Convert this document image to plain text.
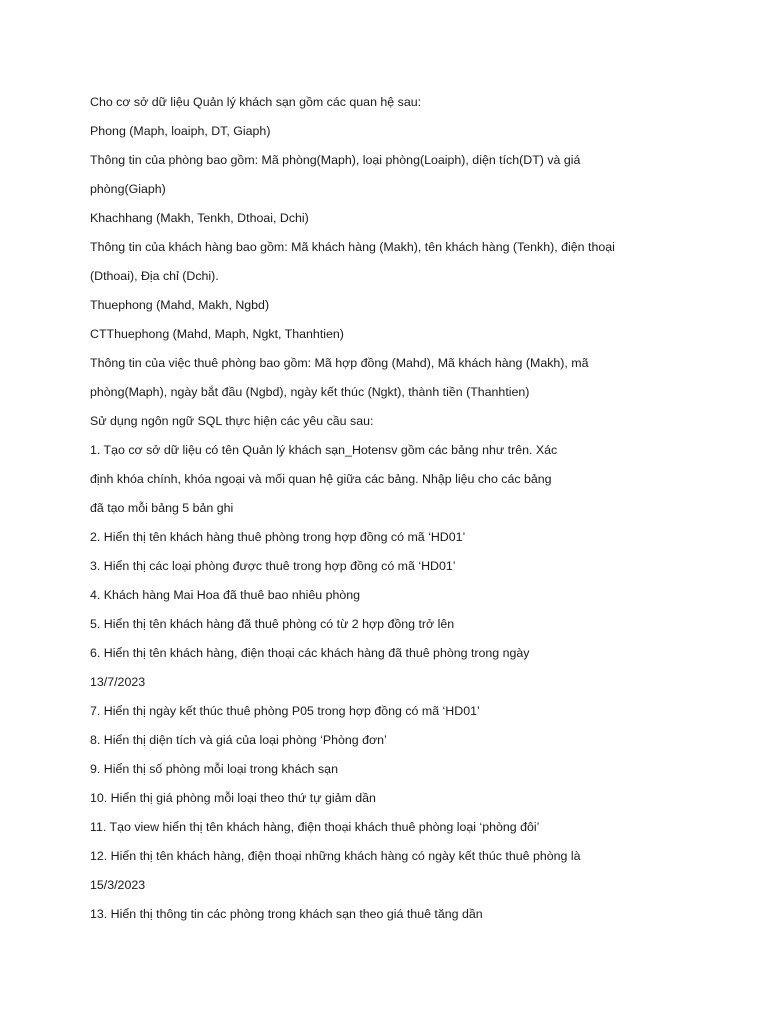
Cho cơ sở dữ liệu Quản lý khách sạn gồm các quan hệ sau:
Phong (Maph, loaiph, DT, Giaph)
Thông tin của phòng bao gồm: Mã phòng(Maph), loại phòng(Loaiph), diện tích(DT) và giá
phòng(Giaph)
Khachhang (Makh, Tenkh, Dthoai, Dchi)
Thông tin của khách hàng bao gồm: Mã khách hàng (Makh), tên khách hàng (Tenkh), điện thoại
(Dthoai), Địa chỉ (Dchi).
Thuephong (Mahd, Makh, Ngbd)
CTThuephong (Mahd, Maph, Ngkt, Thanhtien)
Thông tin của việc thuê phòng bao gồm: Mã hợp đồng (Mahd), Mã khách hàng (Makh), mã
phòng(Maph), ngày bắt đầu (Ngbd), ngày kết thúc (Ngkt), thành tiền (Thanhtien)
Sử dụng ngôn ngữ SQL thực hiện các yêu cầu sau:
1. Tạo cơ sở dữ liệu có tên Quản lý khách sạn_Hotensv gồm các bảng như trên. Xác
định khóa chính, khóa ngoại và mối quan hệ giữa các bảng. Nhập liệu cho các bảng
đã tạo mỗi bảng 5 bản ghi
2. Hiển thị tên khách hàng thuê phòng trong hợp đồng có mã ‘HD01’
3. Hiển thị các loại phòng được thuê trong hợp đồng có mã ‘HD01’
4. Khách hàng Mai Hoa đã thuê bao nhiêu phòng
5. Hiển thị tên khách hàng đã thuê phòng có từ 2 hợp đồng trở lên
6. Hiển thị tên khách hàng, điện thoại các khách hàng đã thuê phòng trong ngày
13/7/2023
7. Hiển thị ngày kết thúc thuê phòng P05 trong hợp đồng có mã ‘HD01’
8. Hiển thị diện tích và giá của loại phòng ‘Phòng đơn’
9. Hiển thị số phòng mỗi loại trong khách sạn
10. Hiển thị giá phòng mỗi loại theo thứ tự giảm dần
11. Tạo view hiển thị tên khách hàng, điện thoại khách thuê phòng loại ‘phòng đôi’
12. Hiển thị tên khách hàng, điện thoại những khách hàng có ngày kết thúc thuê phòng là
15/3/2023
13. Hiển thị thông tin các phòng trong khách sạn theo giá thuê tăng dần
